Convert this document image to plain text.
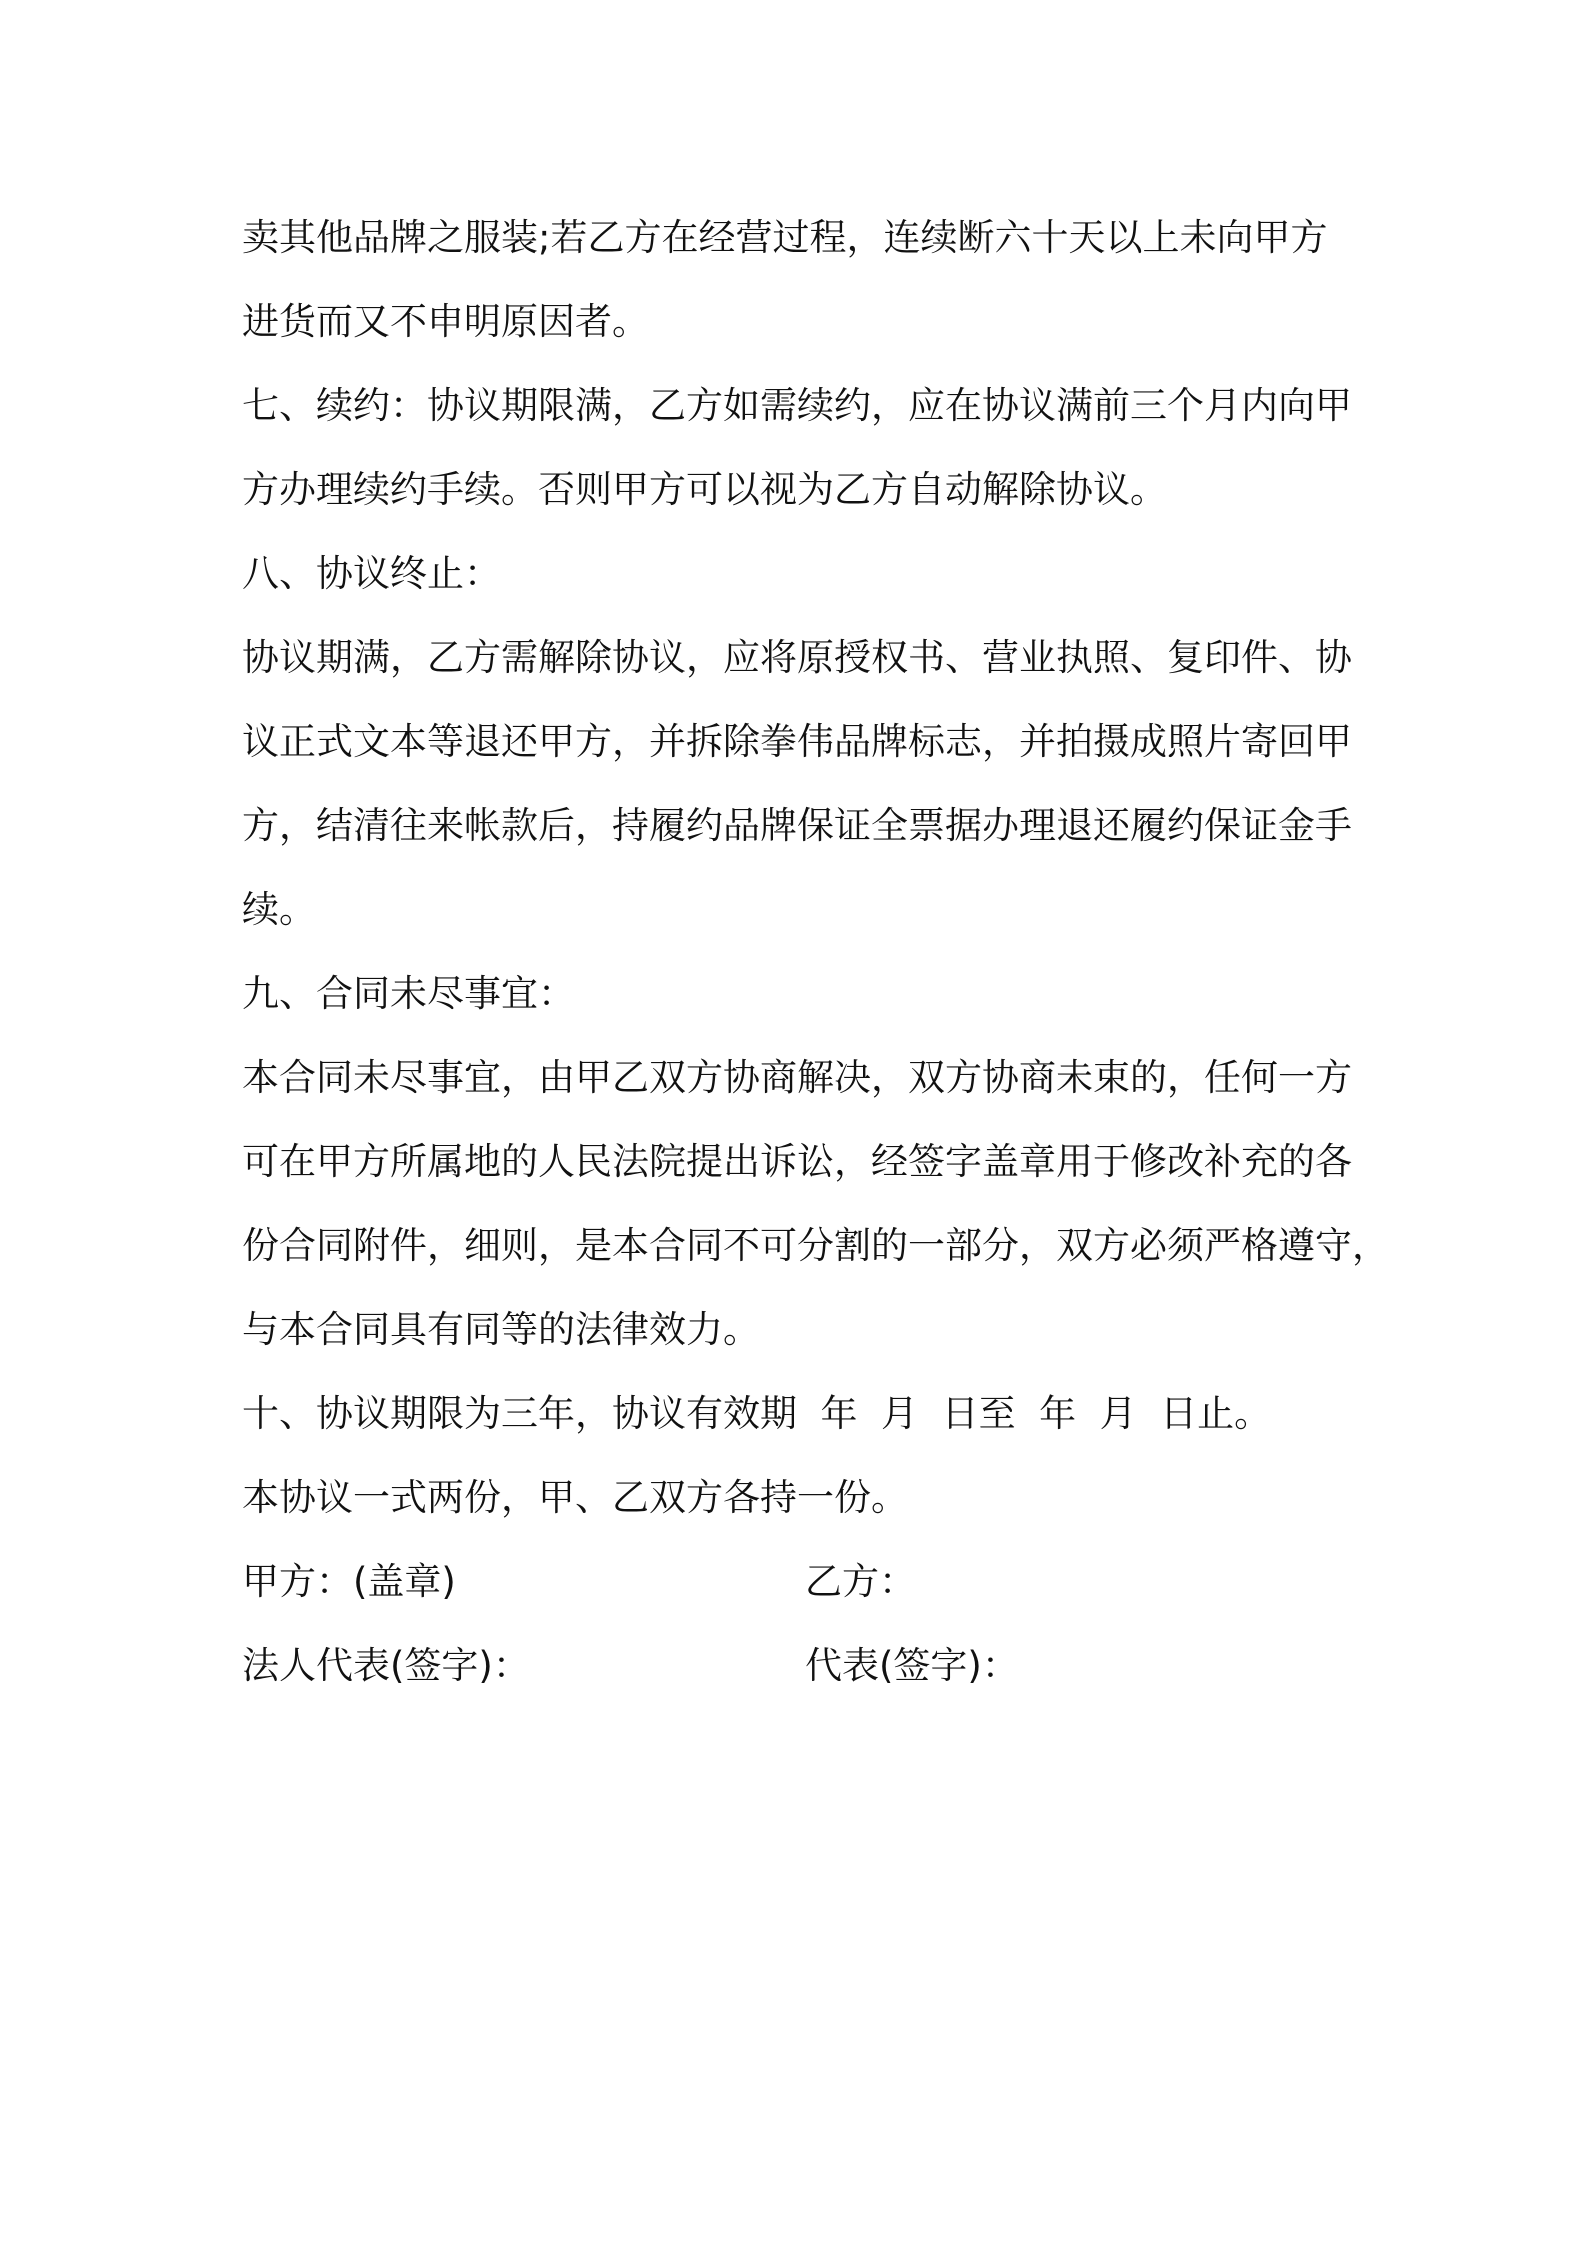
卖其他品牌之服装;若乙方在经营过程，连续断六十天以上未向甲方
进货而又不申明原因者。
七、续约：协议期限满，乙方如需续约，应在协议满前三个月内向甲
方办理续约手续。否则甲方可以视为乙方自动解除协议。
八、协议终止：
协议期满，乙方需解除协议，应将原授权书、营业执照、复印件、协
议正式文本等退还甲方，并拆除拳伟品牌标志，并拍摄成照片寄回甲
方，结清往来帐款后，持履约品牌保证全票据办理退还履约保证金手
续。
九、合同未尽事宜：
本合同未尽事宜，由甲乙双方协商解决，双方协商未束的，任何一方
可在甲方所属地的人民法院提出诉讼，经签字盖章用于修改补充的各
份合同附件，细则，是本合同不可分割的一部分，双方必须严格遵守，
与本合同具有同等的法律效力。
十、协议期限为三年，协议有效期  年  月  日至  年  月  日止。
本协议一式两份，甲、乙双方各持一份。
甲方：(盖章)	乙方：
法人代表(签字)：	代表(签字)：
